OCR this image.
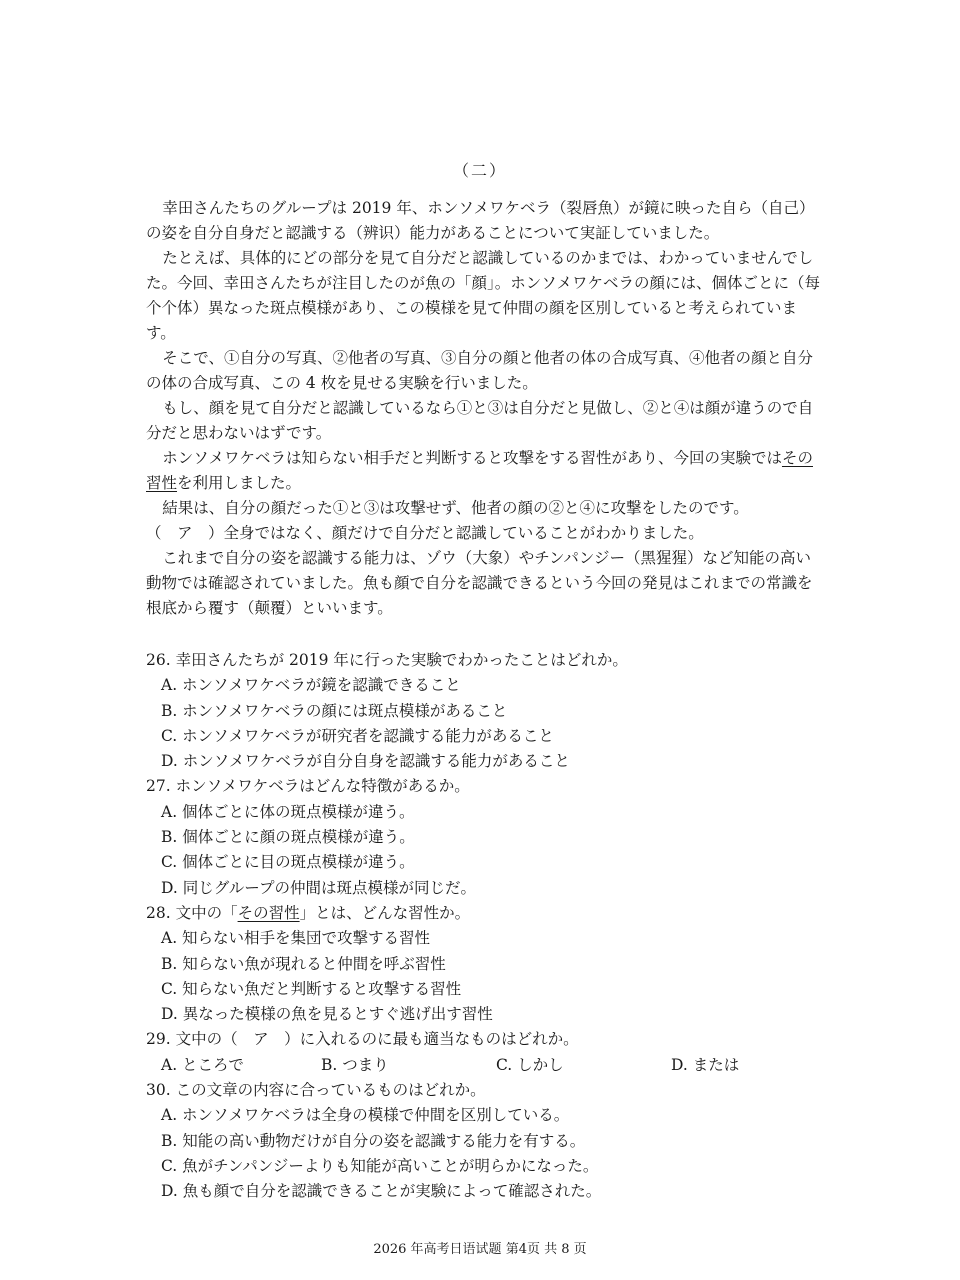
（二）

幸田さんたちのグループは 2019 年、ホンソメワケベラ（裂唇魚）が鏡に映った自ら（自己）の姿を自分自身だと認識する（辨识）能力があることについて実証していました。

たとえば、具体的にどの部分を見て自分だと認識しているのかまでは、わかっていませんでした。今回、幸田さんたちが注目したのが魚の「顔」。ホンソメワケベラの顔には、個体ごとに（每个个体）異なった斑点模様があり、この模様を見て仲間の顔を区別していると考えられています。

そこで、①自分の写真、②他者の写真、③自分の顔と他者の体の合成写真、④他者の顔と自分の体の合成写真、この 4 枚を見せる実験を行いました。

もし、顔を見て自分だと認識しているなら①と③は自分だと見做し、②と④は顔が違うので自分だと思わないはずです。

ホンソメワケベラは知らない相手だと判断すると攻撃をする習性があり、今回の実験ではその習性を利用しました。

結果は、自分の顔だった①と③は攻撃せず、他者の顔の②と④に攻撃をしたのです。

（　ア　）全身ではなく、顔だけで自分だと認識していることがわかりました。

これまで自分の姿を認識する能力は、ゾウ（大象）やチンパンジー（黑猩猩）など知能の高い動物では確認されていました。魚も顔で自分を認識できるという今回の発見はこれまでの常識を根底から覆す（颠覆）といいます。

26. 幸田さんたちが 2019 年に行った実験でわかったことはどれか。

A. ホンソメワケベラが鏡を認識できること

B. ホンソメワケベラの顔には斑点模様があること

C. ホンソメワケベラが研究者を認識する能力があること

D. ホンソメワケベラが自分自身を認識する能力があること

27. ホンソメワケベラはどんな特徴があるか。

A. 個体ごとに体の斑点模様が違う。

B. 個体ごとに顔の斑点模様が違う。

C. 個体ごとに目の斑点模様が違う。

D. 同じグループの仲間は斑点模様が同じだ。

28. 文中の「その習性」とは、どんな習性か。

A. 知らない相手を集団で攻撃する習性

B. 知らない魚が現れると仲間を呼ぶ習性

C. 知らない魚だと判断すると攻撃する習性

D. 異なった模様の魚を見るとすぐ逃げ出す習性

29. 文中の（　ア　）に入れるのに最も適当なものはどれか。

A. ところで	B. つまり	C. しかし	D. または

30. この文章の内容に合っているものはどれか。

A. ホンソメワケベラは全身の模様で仲間を区別している。

B. 知能の高い動物だけが自分の姿を認識する能力を有する。

C. 魚がチンパンジーよりも知能が高いことが明らかになった。

D. 魚も顔で自分を認識できることが実験によって確認された。

2026 年高考日语试题 第4页 共 8 页
